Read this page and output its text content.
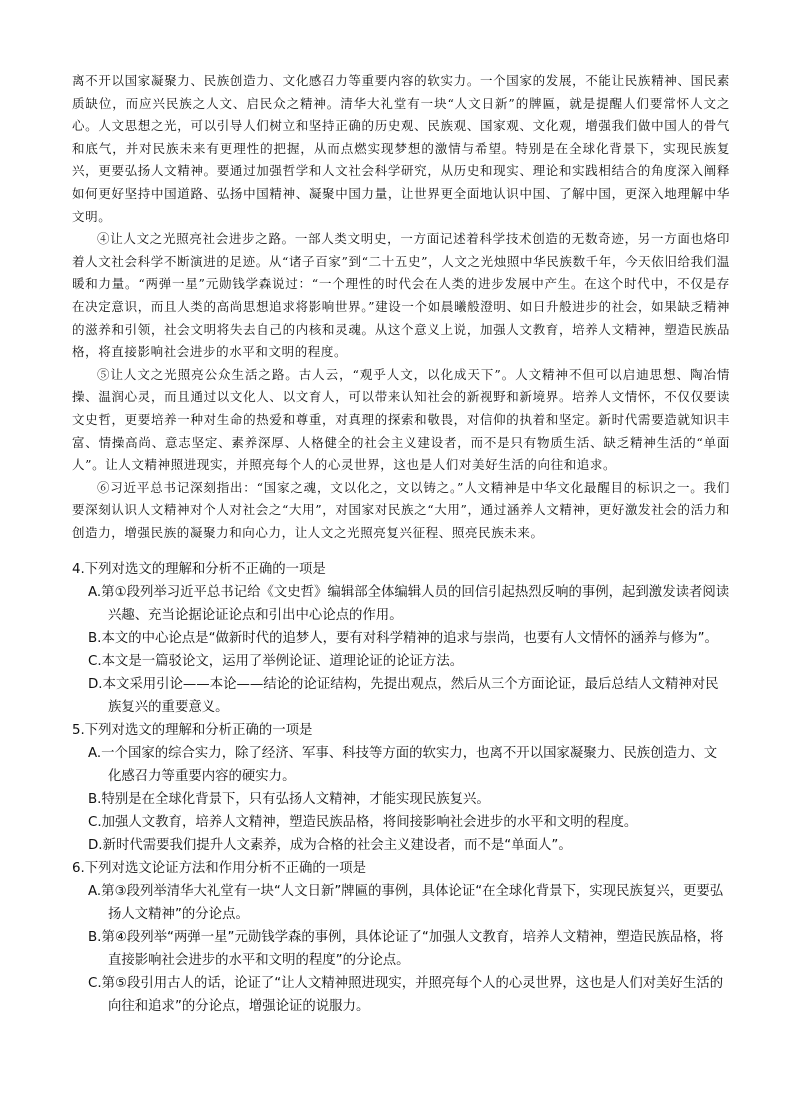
离不开以国家凝聚力、民族创造力、文化感召力等重要内容的软实力。一个国家的发展，不能让民族精神、国民素质缺位，而应兴民族之人文、启民众之精神。清华大礼堂有一块“人文日新”的牌匾，就是提醒人们要常怀人文之心。人文思想之光，可以引导人们树立和坚持正确的历史观、民族观、国家观、文化观，增强我们做中国人的骨气和底气，并对民族未来有更理性的把握，从而点燃实现梦想的激情与希望。特别是在全球化背景下，实现民族复兴，更要弘扬人文精神。要通过加强哲学和人文社会科学研究，从历史和现实、理论和实践相结合的角度深入阐释如何更好坚持中国道路、弘扬中国精神、凝聚中国力量，让世界更全面地认识中国、了解中国，更深入地理解中华文明。

④让人文之光照亮社会进步之路。一部人类文明史，一方面记述着科学技术创造的无数奇迹，另一方面也烙印着人文社会科学不断演进的足迹。从“诸子百家”到“二十五史”，人文之光烛照中华民族数千年，今天依旧给我们温暖和力量。“两弹一星”元勋钱学森说过：“一个理性的时代会在人类的进步发展中产生。在这个时代中，不仅是存在决定意识，而且人类的高尚思想追求将影响世界。”建设一个如晨曦般澄明、如日升般进步的社会，如果缺乏精神的滋养和引领，社会文明将失去自己的内核和灵魂。从这个意义上说，加强人文教育，培养人文精神，塑造民族品格，将直接影响社会进步的水平和文明的程度。

⑤让人文之光照亮公众生活之路。古人云，“观乎人文，以化成天下”。人文精神不但可以启迪思想、陶冶情操、温润心灵，而且通过以文化人、以文育人，可以带来认知社会的新视野和新境界。培养人文情怀，不仅仅要读文史哲，更要培养一种对生命的热爱和尊重，对真理的探索和敬畏，对信仰的执着和坚定。新时代需要造就知识丰富、情操高尚、意志坚定、素养深厚、人格健全的社会主义建设者，而不是只有物质生活、缺乏精神生活的“单面人”。让人文精神照进现实，并照亮每个人的心灵世界，这也是人们对美好生活的向往和追求。

⑥习近平总书记深刻指出：“国家之魂，文以化之，文以铸之。”人文精神是中华文化最醒目的标识之一。我们要深刻认识人文精神对个人对社会之“大用”，对国家对民族之“大用”，通过涵养人文精神，更好激发社会的活力和创造力，增强民族的凝聚力和向心力，让人文之光照亮复兴征程、照亮民族未来。

4.下列对选文的理解和分析不正确的一项是

A.第①段列举习近平总书记给《文史哲》编辑部全体编辑人员的回信引起热烈反响的事例，起到激发读者阅读兴趣、充当论据论证论点和引出中心论点的作用。

B.本文的中心论点是“做新时代的追梦人，要有对科学精神的追求与崇尚，也要有人文情怀的涵养与修为”。

C.本文是一篇驳论文，运用了举例论证、道理论证的论证方法。

D.本文采用引论——本论——结论的论证结构，先提出观点，然后从三个方面论证，最后总结人文精神对民族复兴的重要意义。

5.下列对选文的理解和分析正确的一项是

A.一个国家的综合实力，除了经济、军事、科技等方面的软实力，也离不开以国家凝聚力、民族创造力、文化感召力等重要内容的硬实力。

B.特别是在全球化背景下，只有弘扬人文精神，才能实现民族复兴。

C.加强人文教育，培养人文精神，塑造民族品格，将间接影响社会进步的水平和文明的程度。

D.新时代需要我们提升人文素养，成为合格的社会主义建设者，而不是“单面人”。

6.下列对选文论证方法和作用分析不正确的一项是

A.第③段列举清华大礼堂有一块“人文日新”牌匾的事例，具体论证“在全球化背景下，实现民族复兴，更要弘扬人文精神”的分论点。

B.第④段列举“两弹一星”元勋钱学森的事例，具体论证了“加强人文教育，培养人文精神，塑造民族品格，将直接影响社会进步的水平和文明的程度”的分论点。

C.第⑤段引用古人的话，论证了“让人文精神照进现实，并照亮每个人的心灵世界，这也是人们对美好生活的向往和追求”的分论点，增强论证的说服力。
